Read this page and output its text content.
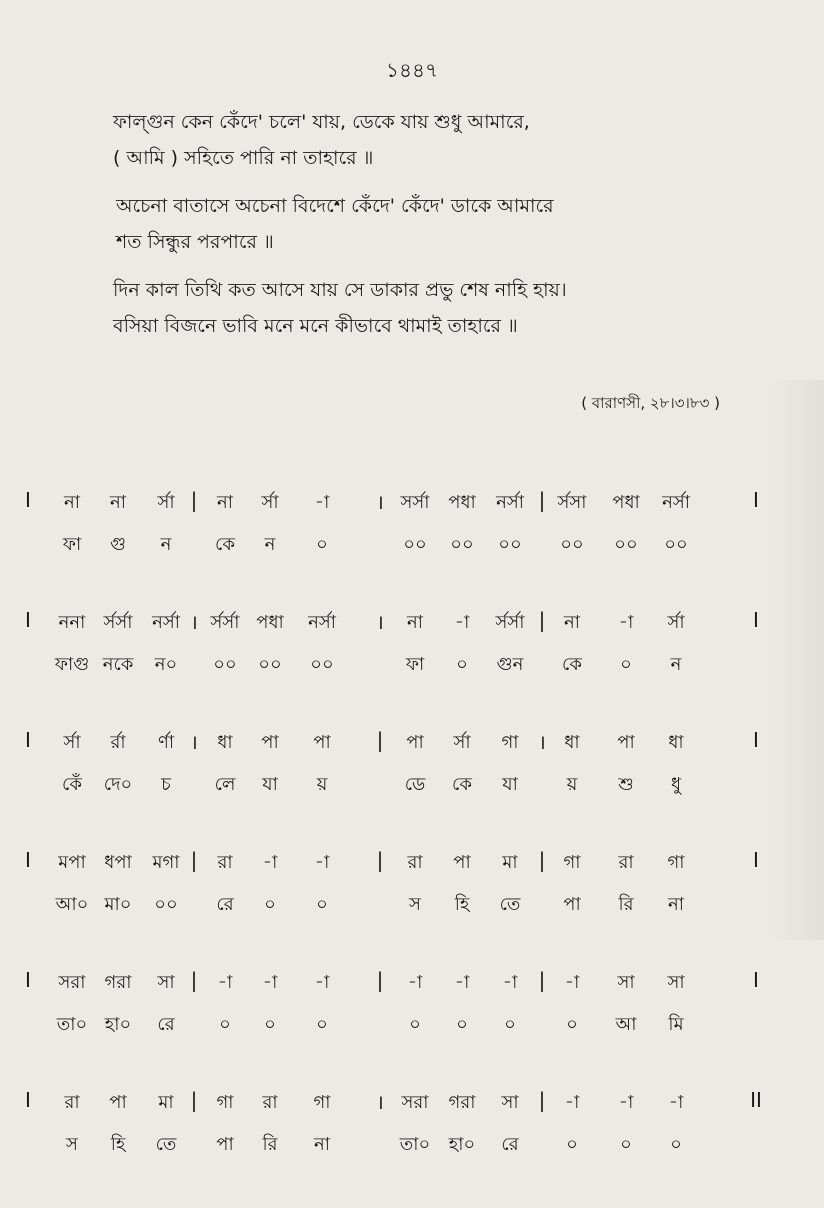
১৪৪৭
ফাল্গুন কেন কেঁদে' চলে' যায়, ডেকে যায় শুধু আমারে,
( আমি ) সহিতে পারি না তাহারে ॥
অচেনা বাতাসে অচেনা বিদেশে কেঁদে' কেঁদে' ডাকে আমারে
শত সিন্ধুর পরপারে ॥
দিন কাল তিথি কত আসে যায় সে ডাকার প্রভু শেষ নাহি হায়।
বসিয়া বিজনে ভাবি মনে মনে কীভাবে থামাই তাহারে ॥
( বারাণসী, ২৮।৩।৮৩ )
I	|	।	|	I
না না র্সা না র্সা -া	সর্সা পধা নর্সা র্সসা পধা নর্সা
ফা গু ন কে ন ০	০০ ০০ ০০ ০০ ০০ ০০
I	।	।	|	I
ননা র্সর্সা নর্সা র্সর্সা পধা নর্সা	না -া র্সর্সা না -া র্সা
ফাগু নকে ন০ ০০ ০০ ০০	ফা ০ গুন কে ০ ন
I	।	|	।	I
র্সা র্রা র্ণা ধা পা পা	পা র্সা গা	ধা পা ধা
কেঁ দে০ চ লে যা য়	ডে কে যা	য় শু ধু
I	|	|	|	I
মপা ধপা মগা রা -া -া	রা পা মা	গা রা গা
আ০ মা০ ০০ রে ০ ০	স হি তে পা রি না
I	|	|	|	I
সরা গরা সা -া -া -া	-া -া -া	-া সা সা
তা০ হা০ রে ০ ০ ০	০ ০ ০	০ আ মি
I	|	।	|	II
রা পা মা গা রা গা	সরা গরা সা	-া -া -া
স হি তে পা রি না	তা০ হা০ রে	০ ০ ০
